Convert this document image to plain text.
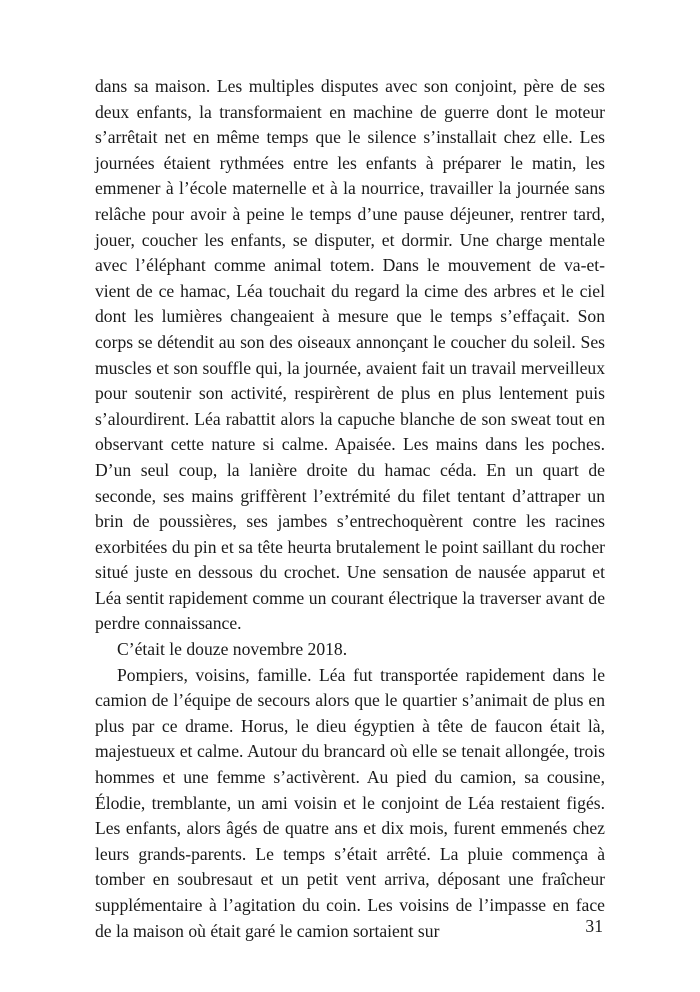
dans sa maison. Les multiples disputes avec son conjoint, père de ses deux enfants, la transformaient en machine de guerre dont le moteur s’arrêtait net en même temps que le silence s’installait chez elle. Les journées étaient rythmées entre les enfants à préparer le matin, les emmener à l’école maternelle et à la nourrice, travailler la journée sans relâche pour avoir à peine le temps d’une pause déjeuner, rentrer tard, jouer, coucher les enfants, se disputer, et dormir. Une charge mentale avec l’éléphant comme animal totem. Dans le mouvement de va-et-vient de ce hamac, Léa touchait du regard la cime des arbres et le ciel dont les lumières changeaient à mesure que le temps s’effaçait. Son corps se détendit au son des oiseaux annonçant le coucher du soleil. Ses muscles et son souffle qui, la journée, avaient fait un travail merveilleux pour soutenir son activité, respirèrent de plus en plus lentement puis s’alourdirent. Léa rabattit alors la capuche blanche de son sweat tout en observant cette nature si calme. Apaisée. Les mains dans les poches. D’un seul coup, la lanière droite du hamac céda. En un quart de seconde, ses mains griffèrent l’extrémité du filet tentant d’attraper un brin de poussières, ses jambes s’entrechoquèrent contre les racines exorbitées du pin et sa tête heurta brutalement le point saillant du rocher situé juste en dessous du crochet. Une sensation de nausée apparut et Léa sentit rapidement comme un courant électrique la traverser avant de perdre connaissance.

C’était le douze novembre 2018.

Pompiers, voisins, famille. Léa fut transportée rapidement dans le camion de l’équipe de secours alors que le quartier s’animait de plus en plus par ce drame. Horus, le dieu égyptien à tête de faucon était là, majestueux et calme. Autour du brancard où elle se tenait allongée, trois hommes et une femme s’activèrent. Au pied du camion, sa cousine, Élodie, tremblante, un ami voisin et le conjoint de Léa restaient figés. Les enfants, alors âgés de quatre ans et dix mois, furent emmenés chez leurs grands-parents. Le temps s’était arrêté. La pluie commença à tomber en soubresaut et un petit vent arriva, déposant une fraîcheur supplémentaire à l’agitation du coin. Les voisins de l’impasse en face de la maison où était garé le camion sortaient sur	31
